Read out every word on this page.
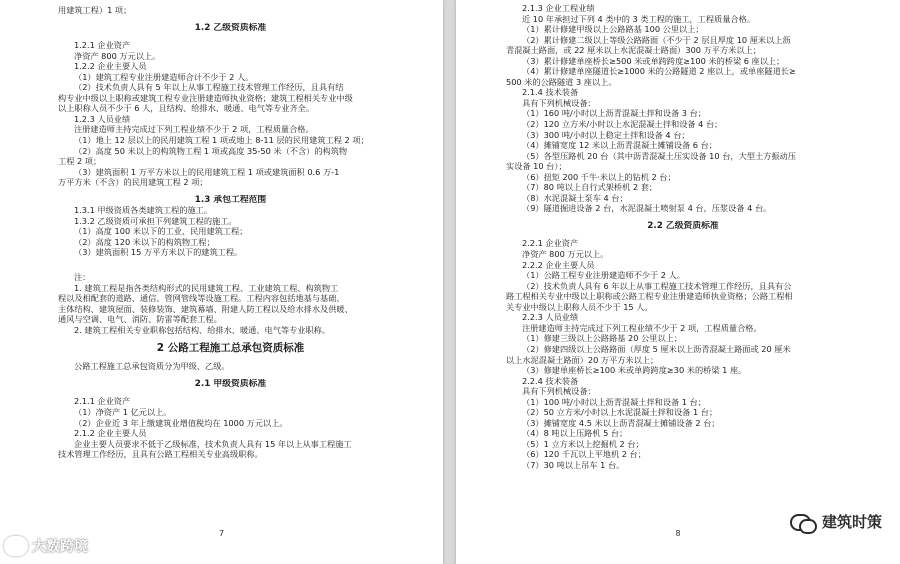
用建筑工程）1 项；
1.2 乙级资质标准
1.2.1 企业资产
净资产 800 万元以上。
1.2.2 企业主要人员
（1）建筑工程专业注册建造师合计不少于 2 人。
（2）技术负责人具有 5 年以上从事工程施工技术管理工作经历，且具有结
构专业中级以上职称或建筑工程专业注册建造师执业资格；建筑工程相关专业中级
以上职称人员不少于 6 人，且结构、给排水、暖通、电气等专业齐全。
1.2.3 人员业绩
注册建造师主持完成过下列工程业绩不少于 2 项，工程质量合格。
（1）地上 12 层以上的民用建筑工程 1 项或地上 8-11 层的民用建筑工程 2 项；
（2）高度 50 米以上的构筑物工程 1 项或高度 35-50 米（不含）的构筑物
工程 2 项；
（3）建筑面积 1 万平方米以上的民用建筑工程 1 项或建筑面积 0.6 万-1
万平方米（不含）的民用建筑工程 2 项；
1.3 承包工程范围
1.3.1 甲级资质各类建筑工程的施工。
1.3.2 乙级资质可承担下列建筑工程的施工。
（1）高度 100 米以下的工业、民用建筑工程；
（2）高度 120 米以下的构筑物工程；
（3）建筑面积 15 万平方米以下的建筑工程。
注：
1. 建筑工程是指各类结构形式的民用建筑工程、工业建筑工程、构筑物工
程以及相配套的道路、通信、管网管线等设施工程。工程内容包括地基与基础、
主体结构、建筑屋面、装修装饰、建筑幕墙、附建人防工程以及给水排水及供暖、
通风与空调、电气、消防、防雷等配套工程。
2. 建筑工程相关专业职称包括结构、给排水、暖通、电气等专业职称。
2 公路工程施工总承包资质标准
公路工程施工总承包资质分为甲级、乙级。
2.1 甲级资质标准
2.1.1 企业资产
（1）净资产 1 亿元以上。
（2）企业近 3 年上缴建筑业增值税均在 1000 万元以上。
2.1.2 企业主要人员
企业主要人员要求不低于乙级标准，技术负责人具有 15 年以上从事工程施工
技术管理工作经历，且具有公路工程相关专业高级职称。
7
2.1.3 企业工程业绩
近 10 年承担过下列 4 类中的 3 类工程的施工，工程质量合格。
（1）累计修建甲级以上公路路基 100 公里以上；
（2）累计修建二级以上等级公路路面（不少于 2 层且厚度 10 厘米以上沥
青混凝土路面，或 22 厘米以上水泥混凝土路面）300 万平方米以上；
（3）累计修建单座桥长≥500 米或单跨跨度≥100 米的桥梁 6 座以上；
（4）累计修建单座隧道长≥1000 米的公路隧道 2 座以上，或单座隧道长≥
500 米的公路隧道 3 座以上。
2.1.4 技术装备
具有下列机械设备：
（1）160 吨/小时以上沥青混凝土拌和设备 3 台；
（2）120 立方米/小时以上水泥混凝土拌和设备 4 台；
（3）300 吨/小时以上稳定土拌和设备 4 台；
（4）摊铺宽度 12 米以上沥青混凝土摊铺设备 6 台；
（5）各型压路机 20 台（其中沥青混凝土压实设备 10 台，大型土方振动压
实设备 10 台）；
（6）扭矩 200 千牛·米以上的钻机 2 台；
（7）80 吨以上自行式架桥机 2 套；
（8）水泥混凝土泵车 4 台；
（9）隧道掘进设备 2 台，水泥混凝土喷射泵 4 台，压浆设备 4 台。
2.2 乙级资质标准
2.2.1 企业资产
净资产 800 万元以上。
2.2.2 企业主要人员
（1）公路工程专业注册建造师不少于 2 人。
（2）技术负责人具有 6 年以上从事工程施工技术管理工作经历，且具有公
路工程相关专业中级以上职称或公路工程专业注册建造师执业资格；公路工程相
关专业中级以上职称人员不少于 15 人。
2.2.3 人员业绩
注册建造师主持完成过下列工程业绩不少于 2 项，工程质量合格。
（1）修建三级以上公路路基 20 公里以上；
（2）修建四级以上公路路面（厚度 5 厘米以上沥青混凝土路面或 20 厘米
以上水泥混凝土路面）20 万平方米以上；
（3）修建单座桥长≥100 米或单跨跨度≥30 米的桥梁 1 座。
2.2.4 技术装备
具有下列机械设备：
（1）100 吨/小时以上沥青混凝土拌和设备 1 台；
（2）50 立方米/小时以上水泥混凝土拌和设备 1 台；
（3）摊铺宽度 4.5 米以上沥青混凝土摊铺设备 2 台；
（4）8 吨以上压路机 5 台；
（5）1 立方米以上挖掘机 2 台；
（6）120 千瓦以上平地机 2 台；
（7）30 吨以上吊车 1 台。
8
大数跨境
建筑时策
